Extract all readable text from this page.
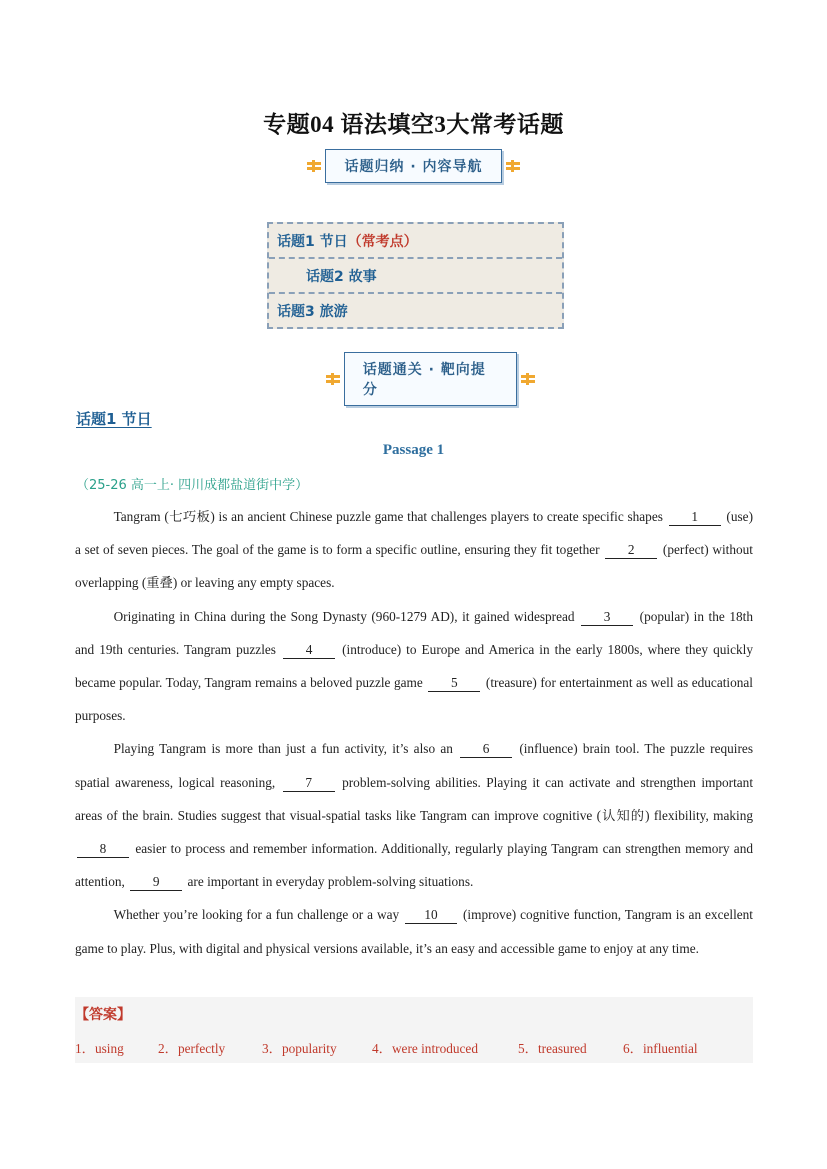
专题04 语法填空3大常考话题
话题归纳 · 内容导航
话题1 节日 （常考点）
话题2 故事
话题3 旅游
话题通关 · 靶向提分
话题1 节日
Passage 1
（25-26 高一上· 四川成都盐道街中学）

Tangram (七巧板) is an ancient Chinese puzzle game that challenges players to create specific shapes 1 (use) a set of seven pieces. The goal of the game is to form a specific outline, ensuring they fit together 2 (perfect) without overlapping (重叠) or leaving any empty spaces.

Originating in China during the Song Dynasty (960-1279 AD), it gained widespread 3 (popular) in the 18th and 19th centuries. Tangram puzzles 4 (introduce) to Europe and America in the early 1800s, where they quickly became popular. Today, Tangram remains a beloved puzzle game 5 (treasure) for entertainment as well as educational purposes.

Playing Tangram is more than just a fun activity, it’s also an 6 (influence) brain tool. The puzzle requires spatial awareness, logical reasoning, 7 problem-solving abilities. Playing it can activate and strengthen important areas of the brain. Studies suggest that visual-spatial tasks like Tangram can improve cognitive (认知的) flexibility, making 8 easier to process and remember information. Additionally, regularly playing Tangram can strengthen memory and attention, 9 are important in everyday problem-solving situations.

Whether you’re looking for a fun challenge or a way 10 (improve) cognitive function, Tangram is an excellent game to play. Plus, with digital and physical versions available, it’s an easy and accessible game to enjoy at any time.

【答案】
1．using	2．perfectly	3．popularity	4．were introduced	5．treasured	6．influential
